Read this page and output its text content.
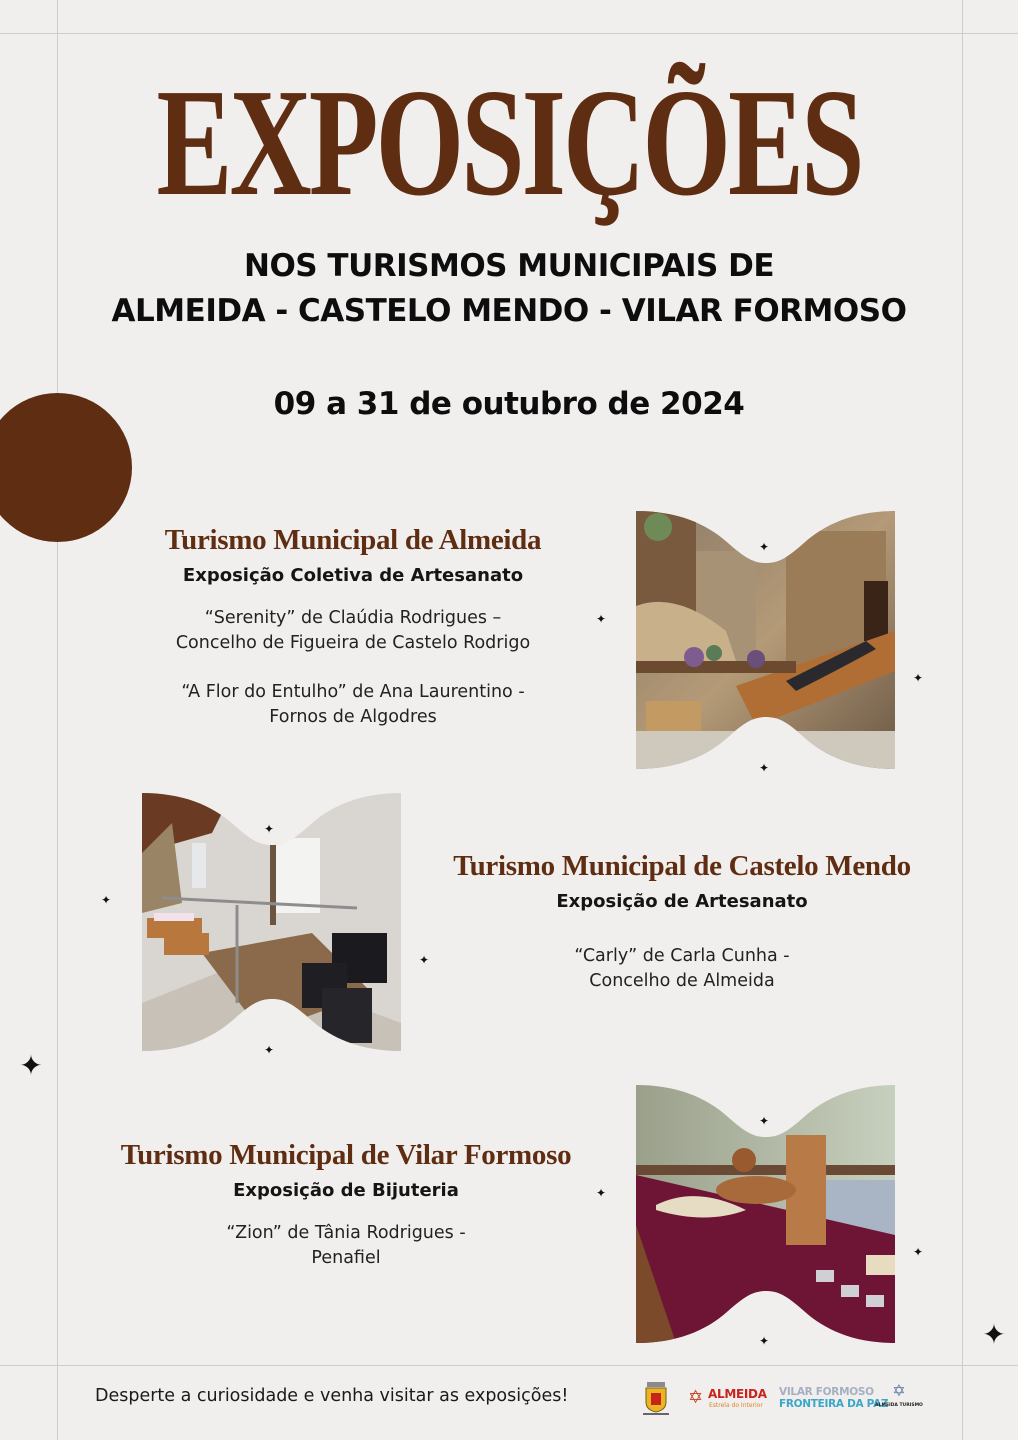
EXPOSIÇÕES
NOS TURISMOS MUNICIPAIS DE
ALMEIDA - CASTELO MENDO - VILAR FORMOSO
09 a 31 de outubro de 2024
Turismo Municipal de Almeida
Exposição Coletiva de Artesanato
“Serenity” de Claúdia Rodrigues –
Concelho de Figueira de Castelo Rodrigo
“A Flor do Entulho” de Ana Laurentino -
Fornos de Algodres
Turismo Municipal de Castelo Mendo
Exposição de Artesanato
“Carly” de Carla Cunha -
Concelho de Almeida
Turismo Municipal de Vilar Formoso
Exposição de Bijuteria
“Zion” de Tânia Rodrigues -
Penafiel
✦
✦
✦
✦
✦
✦
✦
✦
✦
✦
✦
✦
✦
✦
Desperte a curiosidade e venha visitar as exposições!	✡ ALMEIDA
Estrela do Interior
VILAR FORMOSO
FRONTEIRA DA PAZ
✡
ALMEIDA TURISMO
